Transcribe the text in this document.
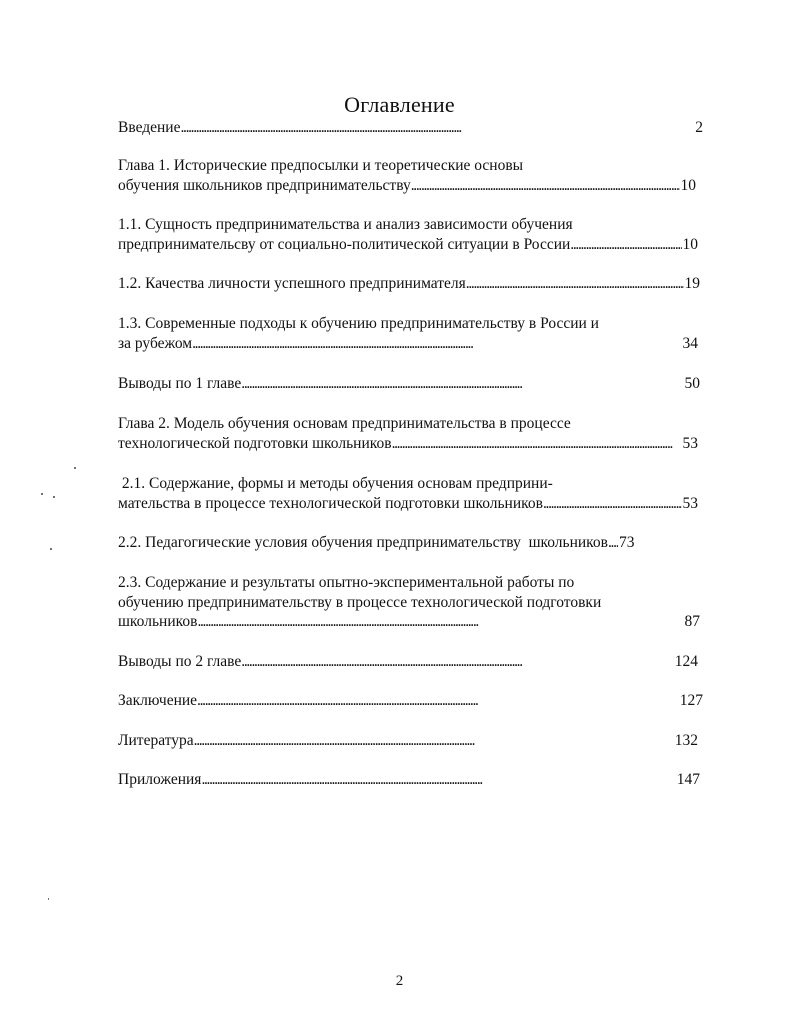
Оглавление
Введение . . .	2
Глава 1. Исторические предпосылки и теоретические основы
обучения школьников предпринимательству . . .	10
1.1. Сущность предпринимательства и анализ зависимости обучения
предпринимательсву от социально-политической ситуации в России . . .	10
1.2. Качества личности успешного предпринимателя . . .	19
1.3. Современные подходы к обучению предпринимательству в России и
за рубежом . . .	34
Выводы по 1 главе . . .	50
Глава 2. Модель обучения основам предпринимательства в процессе
технологической подготовки школьников . . .	53
2.1. Содержание, формы и методы обучения основам предприни-
мательства в процессе технологической подготовки школьников . . .	53
2.2. Педагогические условия обучения предпринимательству  школьников . . . 73
2.3. Содержание и результаты опытно-экспериментальной работы по
обучению предпринимательству в процессе технологической подготовки
школьников . . .	87
Выводы по 2 главе . . .	124
Заключение . . .	127
Литература . . .	132
Приложения . . .	147
2
